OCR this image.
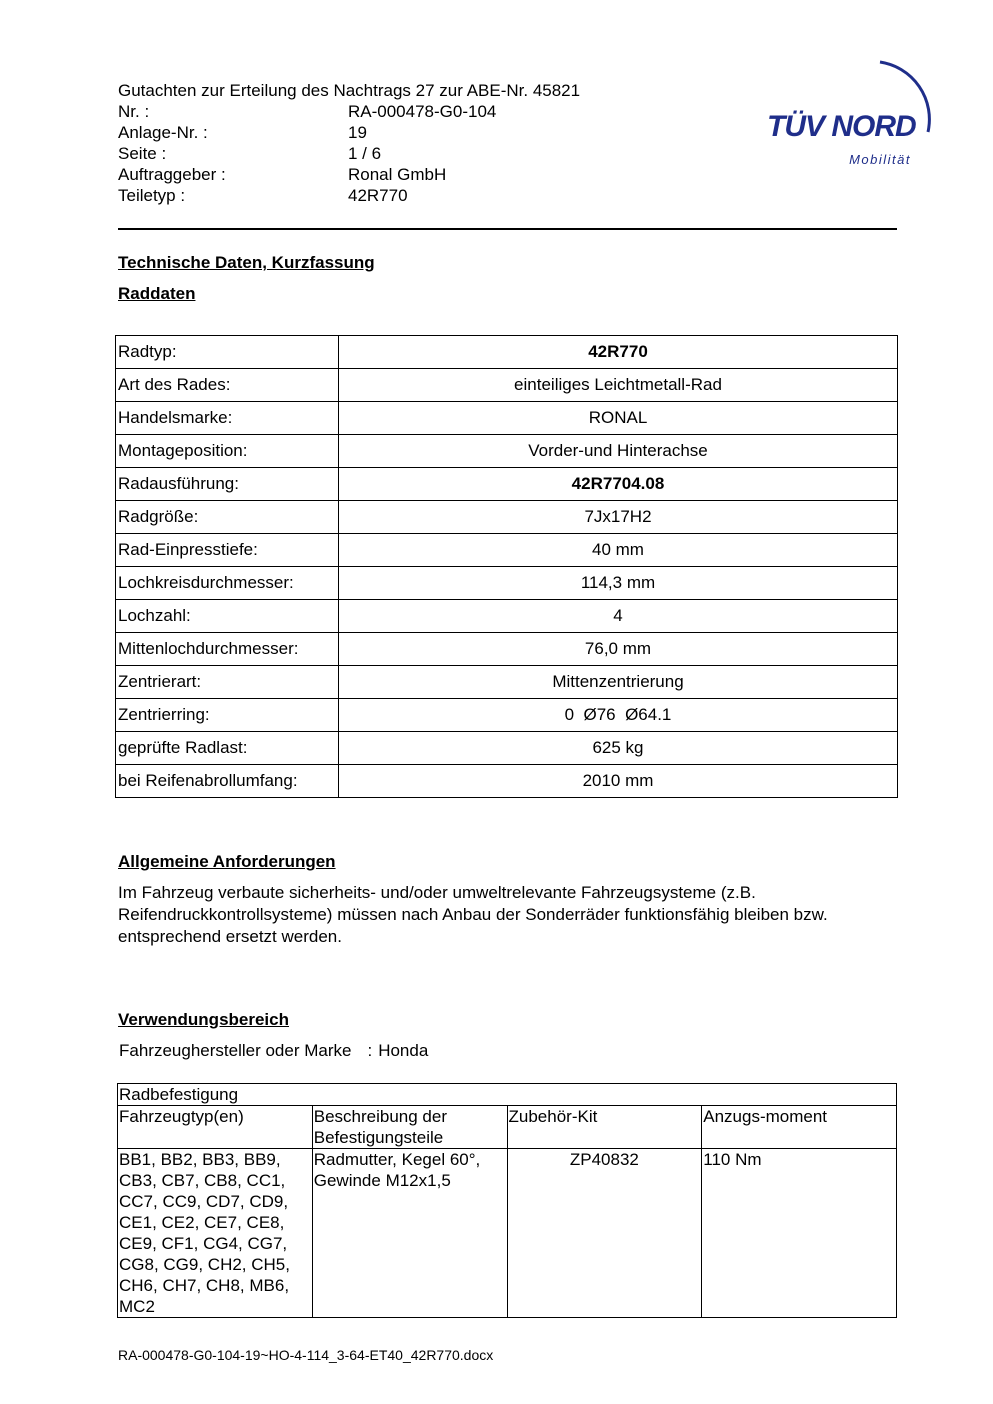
Gutachten zur Erteilung des Nachtrags 27 zur ABE-Nr. 45821
Nr. :	RA-000478-G0-104
Anlage-Nr. :	19
Seite :	1 / 6
Auftraggeber :	Ronal GmbH
Teiletyp :	42R770
TÜV NORD
Mobilität
Technische Daten, Kurzfassung
Raddaten
Radtyp:	42R770
Art des Rades:	einteiliges Leichtmetall-Rad
Handelsmarke:	RONAL
Montageposition:	Vorder-und Hinterachse
Radausführung:	42R7704.08
Radgröße:	7Jx17H2
Rad-Einpresstiefe:	40 mm
Lochkreisdurchmesser:	114,3 mm
Lochzahl:	4
Mittenlochdurchmesser:	76,0 mm
Zentrierart:	Mittenzentrierung
Zentrierring:	0  Ø76  Ø64.1
geprüfte Radlast:	625 kg
bei Reifenabrollumfang:	2010 mm
Allgemeine Anforderungen
Im Fahrzeug verbaute sicherheits- und/oder umweltrelevante Fahrzeugsysteme (z.B. Reifendruckkontrollsysteme) müssen nach Anbau der Sonderräder funktionsfähig bleiben bzw. entsprechend ersetzt werden.
Verwendungsbereich
Fahrzeughersteller oder Marke : Honda
Radbefestigung			
Fahrzeugtyp(en)	Beschreibung der Befestigungsteile	Zubehör-Kit	Anzugs-moment
BB1, BB2, BB3, BB9, CB3, CB7, CB8, CC1, CC7, CC9, CD7, CD9, CE1, CE2, CE7, CE8, CE9, CF1, CG4, CG7, CG8, CG9, CH2, CH5, CH6, CH7, CH8, MB6, MC2	Radmutter, Kegel 60°, Gewinde M12x1,5	ZP40832	110 Nm
RA-000478-G0-104-19~HO-4-114_3-64-ET40_42R770.docx
